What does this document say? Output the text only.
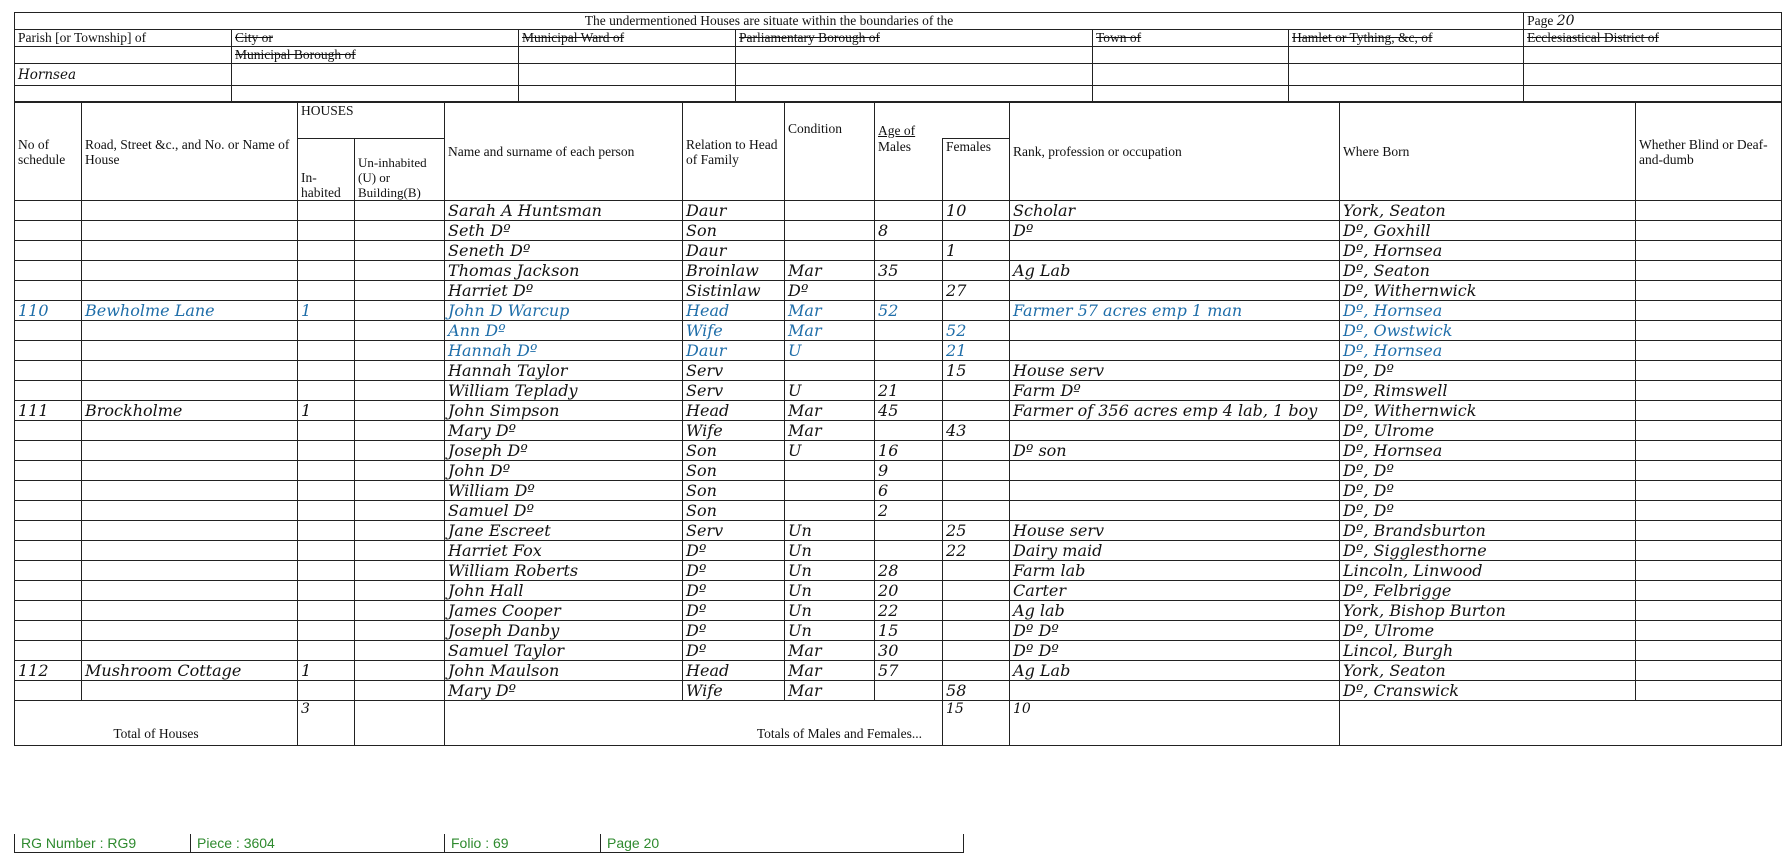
The undermentioned Houses are situate within the boundaries of the						Page 20
Parish [or Township] of	City or	Municipal Ward of	Parliamentary Borough of	Town of	Hamlet or Tything, &c, of	Ecclesiastical District of
	Municipal Borough of					
Hornsea						

No of schedule	Road, Street &c., and No. or Name of House	HOUSES		Name and surname of each person	Relation to Head of Family	Condition	Age of		Rank, profession or occupation	Where Born	Whether Blind or Deaf-and-dumb
		In-habited	Un-inhabited (U) or Building(B)				Males	Females			
				Sarah A Huntsman	Daur			10	Scholar	York, Seaton	
				Seth Dº	Son		8		Dº	Dº, Goxhill	
				Seneth Dº	Daur			1		Dº, Hornsea	
				Thomas Jackson	Broinlaw	Mar	35		Ag Lab	Dº, Seaton	
				Harriet Dº	Sistinlaw	Dº		27		Dº, Withernwick	
110	Bewholme Lane	1		John D Warcup	Head	Mar	52		Farmer 57 acres emp 1 man	Dº, Hornsea	
				Ann Dº	Wife	Mar		52		Dº, Owstwick	
				Hannah Dº	Daur	U		21		Dº, Hornsea	
				Hannah Taylor	Serv			15	House serv	Dº, Dº	
				William Teplady	Serv	U	21		Farm Dº	Dº, Rimswell	
111	Brockholme	1		John Simpson	Head	Mar	45		Farmer of 356 acres emp 4 lab, 1 boy	Dº, Withernwick	
				Mary Dº	Wife	Mar		43		Dº, Ulrome	
				Joseph Dº	Son	U	16		Dº son	Dº, Hornsea	
				John Dº	Son		9			Dº, Dº	
				William Dº	Son		6			Dº, Dº	
				Samuel Dº	Son		2			Dº, Dº	
				Jane Escreet	Serv	Un		25	House serv	Dº, Brandsburton	
				Harriet Fox	Dº	Un		22	Dairy maid	Dº, Sigglesthorne	
				William Roberts	Dº	Un	28		Farm lab	Lincoln, Linwood	
				John Hall	Dº	Un	20		Carter	Dº, Felbrigge	
				James Cooper	Dº	Un	22		Ag lab	York, Bishop Burton	
				Joseph Danby	Dº	Un	15		Dº Dº	Dº, Ulrome	
				Samuel Taylor	Dº	Mar	30		Dº Dº	Lincol, Burgh	
112	Mushroom Cottage	1		John Maulson	Head	Mar	57		Ag Lab	York, Seaton	
				Mary Dº	Wife	Mar		58		Dº, Cranswick	
Total of Houses		3		Totals of Males and Females...				15	10		
RG Number : RG9	Piece : 3604	Folio : 69	Page 20
